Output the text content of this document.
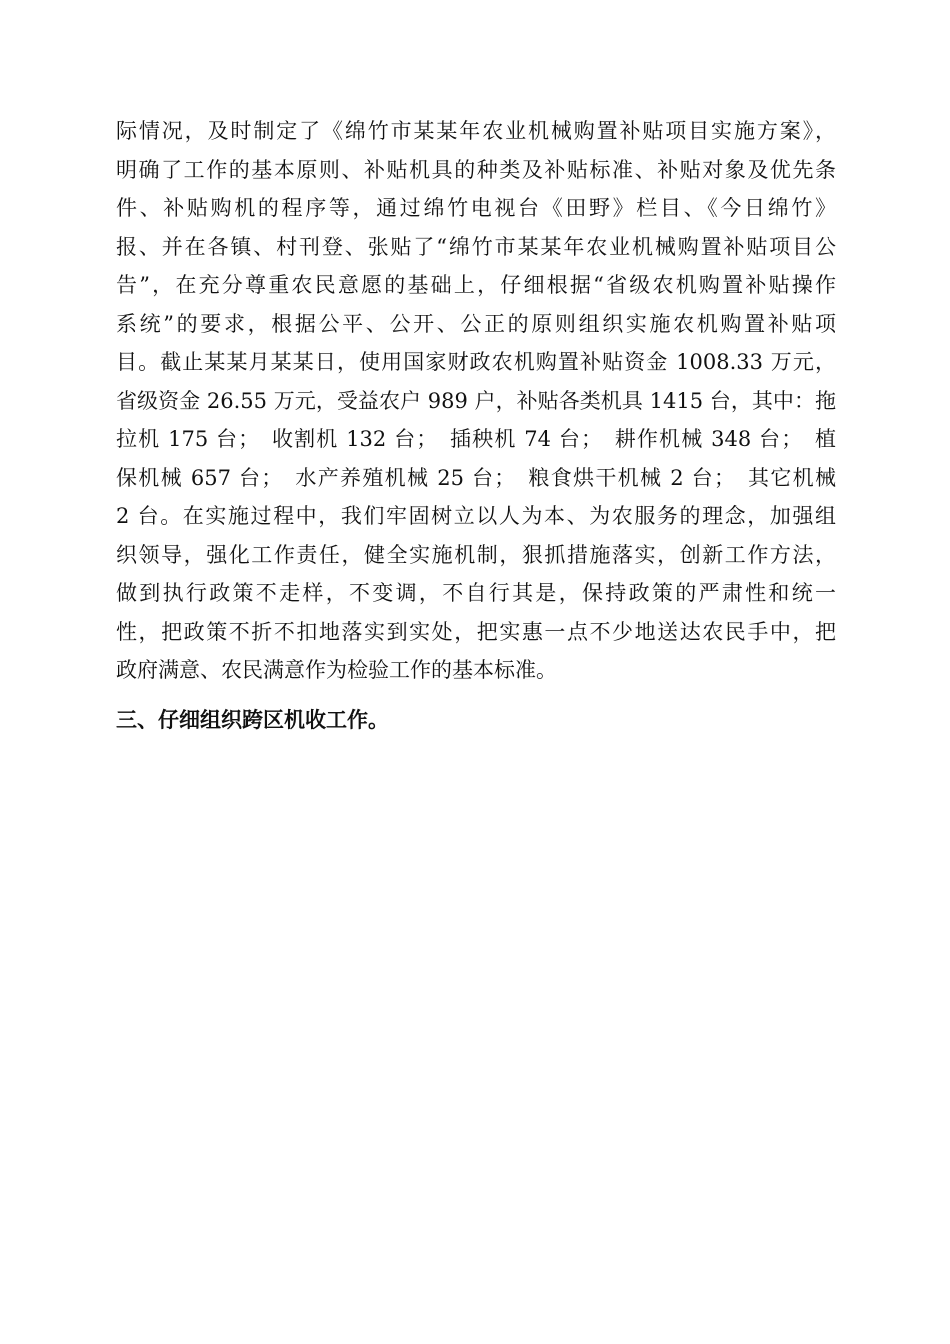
际情况，及时制定了《绵竹市某某年农业机械购置补贴项目实施方案》，
明确了工作的基本原则、补贴机具的种类及补贴标准、补贴对象及优先条
件、补贴购机的程序等，通过绵竹电视台《田野》栏目、《今日绵竹》
报、并在各镇、村刊登、张贴了“绵竹市某某年农业机械购置补贴项目公
告”，在充分尊重农民意愿的基础上，仔细根据“省级农机购置补贴操作
系统”的要求，根据公平、公开、公正的原则组织实施农机购置补贴项
目。截止某某月某某日，使用国家财政农机购置补贴资金 1008.33 万元，
省级资金 26.55 万元，受益农户 989 户，补贴各类机具 1415 台，其中：拖
拉机 175 台；　收割机 132 台；　插秧机 74 台；　耕作机械 348 台；　植
保机械 657 台；　水产养殖机械 25 台；　粮食烘干机械 2 台；　其它机械
2 台。在实施过程中，我们牢固树立以人为本、为农服务的理念，加强组
织领导，强化工作责任，健全实施机制，狠抓措施落实，创新工作方法，
做到执行政策不走样，不变调，不自行其是，保持政策的严肃性和统一
性，把政策不折不扣地落实到实处，把实惠一点不少地送达农民手中，把
政府满意、农民满意作为检验工作的基本标准。
三、仔细组织跨区机收工作。
